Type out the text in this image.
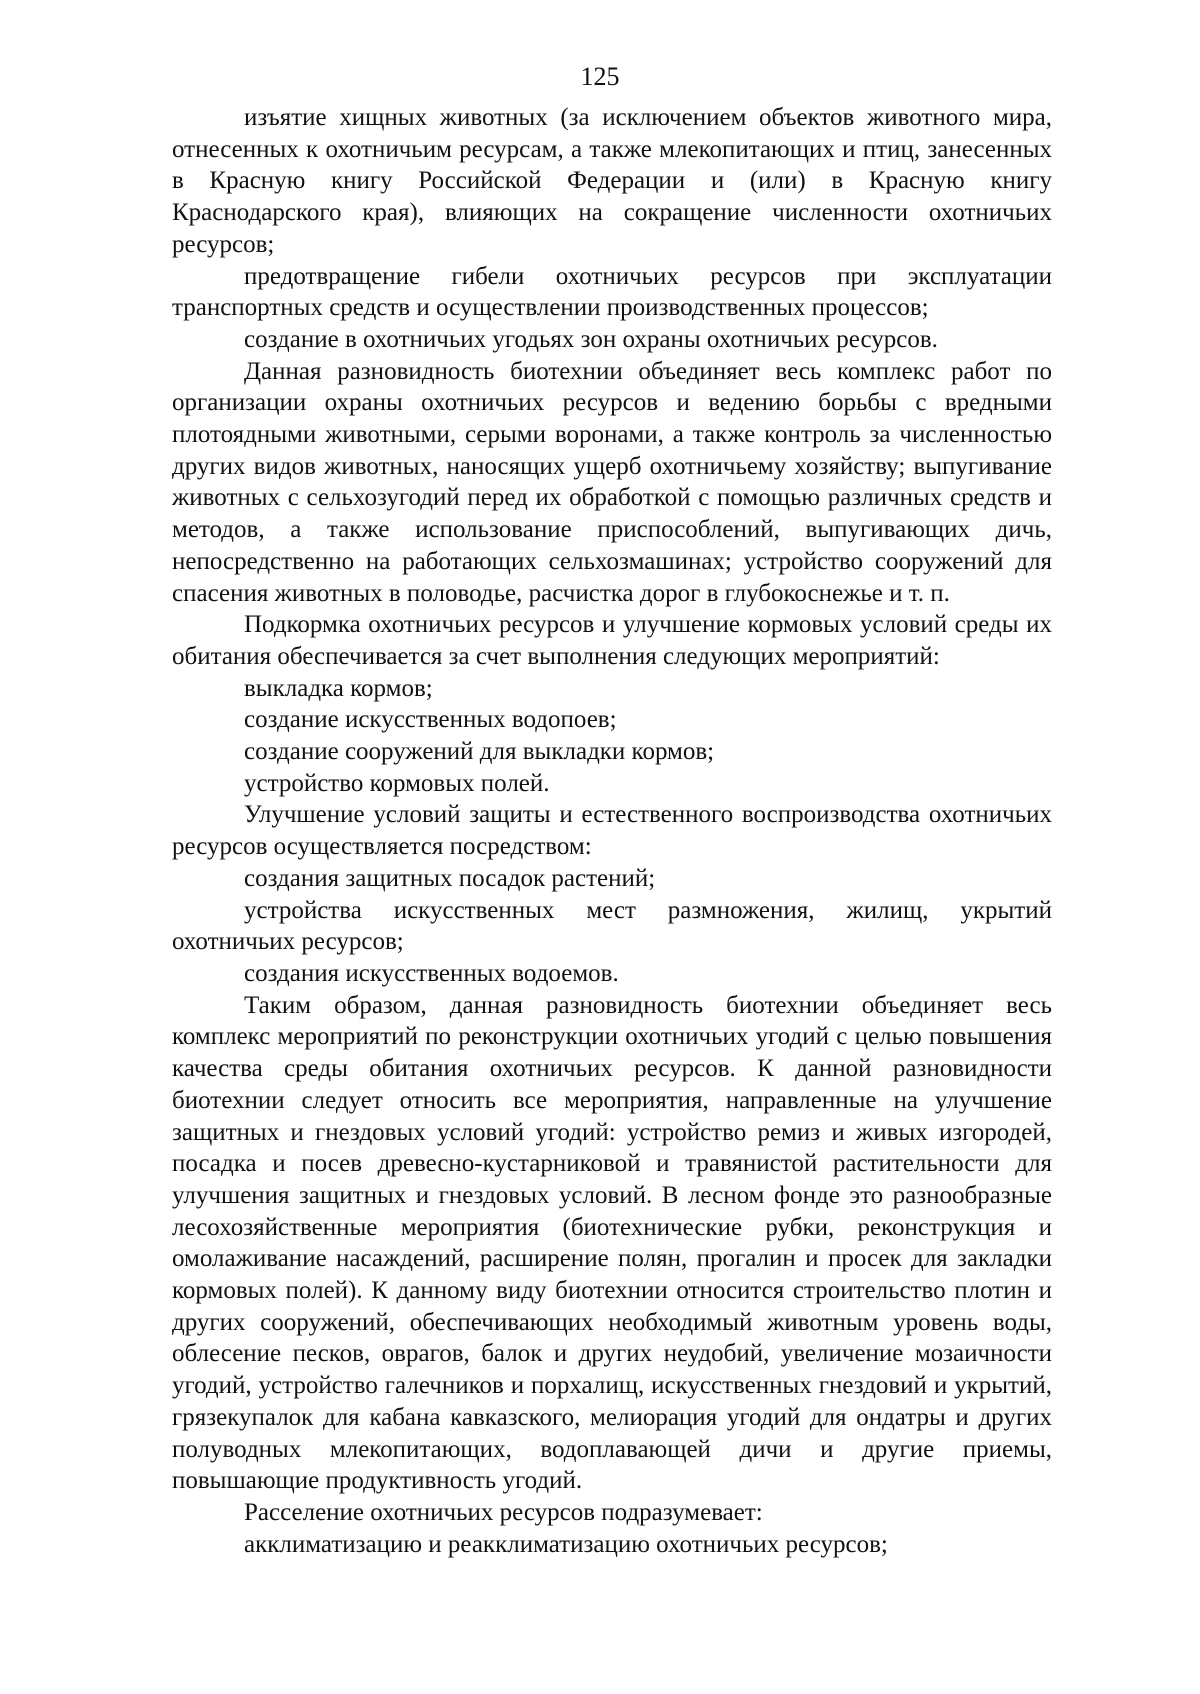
125

изъятие хищных животных (за исключением объектов животного мира, отнесенных к охотничьим ресурсам, а также млекопитающих и птиц, занесенных в Красную книгу Российской Федерации и (или) в Красную книгу Краснодарского края), влияющих на сокращение численности охотничьих ресурсов;

предотвращение гибели охотничьих ресурсов при эксплуатации транспортных средств и осуществлении производственных процессов;

создание в охотничьих угодьях зон охраны охотничьих ресурсов.

Данная разновидность биотехнии объединяет весь комплекс работ по организации охраны охотничьих ресурсов и ведению борьбы с вредными плотоядными животными, серыми воронами, а также контроль за численностью других видов животных, наносящих ущерб охотничьему хозяйству; выпугивание животных с сельхозугодий перед их обработкой с помощью различных средств и методов, а также использование приспособлений, выпугивающих дичь, непосредственно на работающих сельхозмашинах; устройство сооружений для спасения животных в половодье, расчистка дорог в глубокоснежье и т. п.

Подкормка охотничьих ресурсов и улучшение кормовых условий среды их обитания обеспечивается за счет выполнения следующих мероприятий:

выкладка кормов;

создание искусственных водопоев;

создание сооружений для выкладки кормов;

устройство кормовых полей.

Улучшение условий защиты и естественного воспроизводства охотничьих ресурсов осуществляется посредством:

создания защитных посадок растений;

устройства искусственных мест размножения, жилищ, укрытий охотничьих ресурсов;

создания искусственных водоемов.

Таким образом, данная разновидность биотехнии объединяет весь комплекс мероприятий по реконструкции охотничьих угодий с целью повышения качества среды обитания охотничьих ресурсов. К данной разновидности биотехнии следует относить все мероприятия, направленные на улучшение защитных и гнездовых условий угодий: устройство ремиз и живых изгородей, посадка и посев древесно-кустарниковой и травянистой растительности для улучшения защитных и гнездовых условий. В лесном фонде это разнообразные лесохозяйственные мероприятия (биотехнические рубки, реконструкция и омолаживание насаждений, расширение полян, прогалин и просек для закладки кормовых полей). К данному виду биотехнии относится строительство плотин и других сооружений, обеспечивающих необходимый животным уровень воды, облесение песков, оврагов, балок и других неудобий, увеличение мозаичности угодий, устройство галечников и порхалищ, искусственных гнездовий и укрытий, грязекупалок для кабана кавказского, мелиорация угодий для ондатры и других полуводных млекопитающих, водоплавающей дичи и другие приемы, повышающие продуктивность угодий.

Расселение охотничьих ресурсов подразумевает:

акклиматизацию и реакклиматизацию охотничьих ресурсов;
